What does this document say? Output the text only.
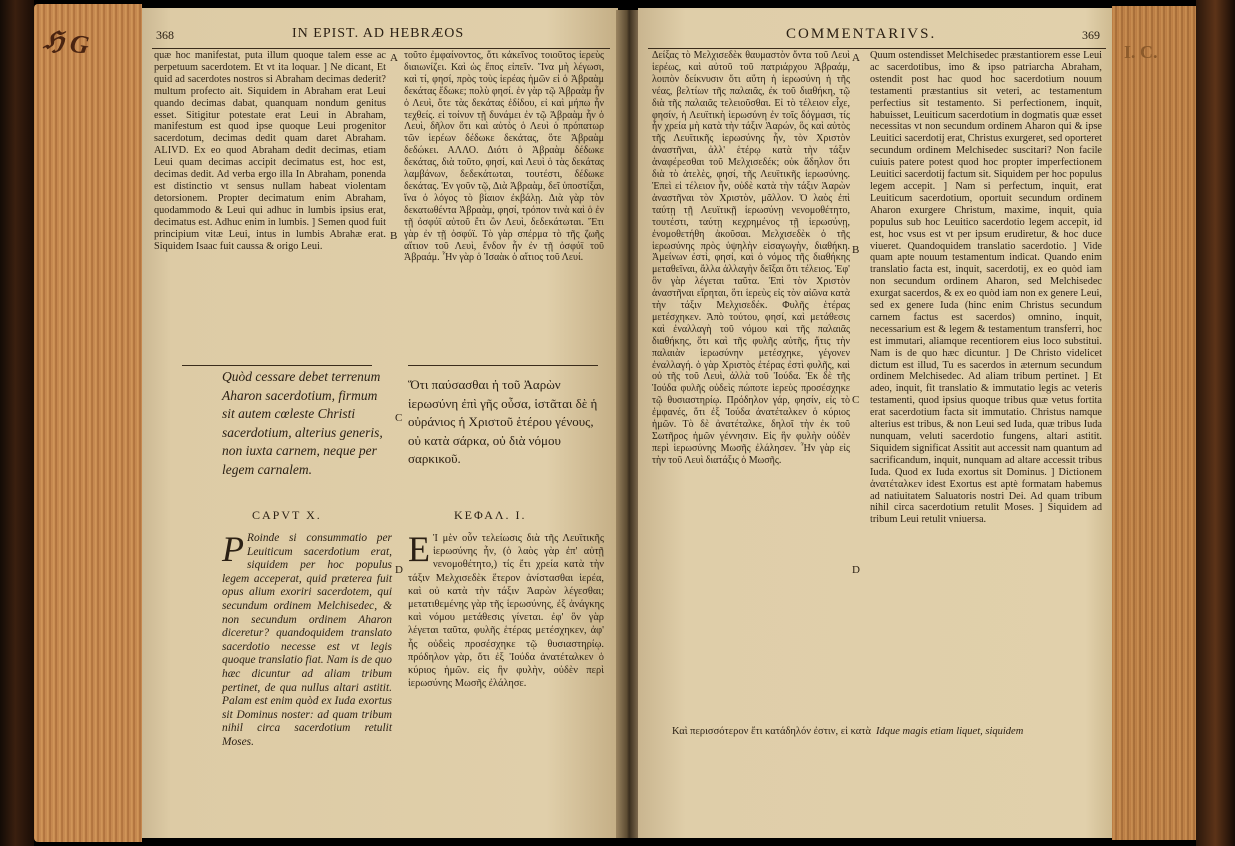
ℌ G	368	IN EPIST. AD HEBRÆOS
quæ hoc manifestat, puta illum quoque talem esse ac perpetuum sacerdotem. Et vt ita loquar. ] Ne dicant, Et quid ad sacerdotes nostros si Abraham decimas dederit? multum profecto ait. Siquidem in Abraham erat Leui quando decimas dabat, quanquam nondum genitus esset. Sitigitur potestate erat Leui in Abraham, manifestum est quod ipse quoque Leui progenitor sacerdotum, decimas dedit quam daret Abraham. ALIVD. Ex eo quod Abraham dedit decimas, etiam Leui quam decimas accipit decimatus est, hoc est, decimas dedit. Ad verba ergo illa In Abraham, ponenda est distinctio vt sensus nullam habeat violentam detorsionem. Propter decimatum enim Abraham, quodammodo & Leui qui adhuc in lumbis ipsius erat, decimatus est. Adhuc enim in lumbis. ] Semen quod fuit principium vitæ Leui, intus in lumbis Abrahæ erat. Siquidem Isaac fuit caussa & origo Leui.
A
B
τοῦτο ἐμφαίνοντος, ὅτι κἀκεῖνος τοιοῦτος ἱερεὺς διαιωνίζει. Καὶ ὡς ἔπος εἰπεῖν. Ἵνα μὴ λέγωσι, καὶ τί, φησί, πρὸς τοὺς ἱερέας ἡμῶν εἰ ὁ Ἀβραὰμ δεκάτας ἔδωκε; πολὺ φησί. ἐν γὰρ τῷ Ἀβραὰμ ἦν ὁ Λευὶ, ὅτε τὰς δεκάτας ἐδίδου, εἰ καὶ μήπω ἦν τεχθείς. εἰ τοίνυν τῇ δυνάμει ἐν τῷ Ἀβραὰμ ἦν ὁ Λευὶ, δῆλον ὅτι καὶ αὐτὸς ὁ Λευὶ ὁ πρόπατωρ τῶν ἱερέων δέδωκε δεκάτας, ὅτε Ἀβραὰμ δεδώκει. ΑΛΛΟ. Διότι ὁ Ἀβραὰμ δέδωκε δεκάτας, διὰ τοῦτο, φησί, καὶ Λευὶ ὁ τὰς δεκάτας λαμβάνων, δεδεκάτωται, τουτέστι, δέδωκε δεκάτας. Ἐν γοῦν τῷ, Διὰ Ἀβραὰμ, δεῖ ὑποστίξαι, ἵνα ὁ λόγος τὸ βίαιον ἐκβάλῃ. Διὰ γὰρ τὸν δεκατωθέντα Ἀβραὰμ, φησί, τρόπον τινὰ καὶ ὁ ἐν τῇ ὀσφύϊ αὐτοῦ ἔτι ὢν Λευὶ, δεδεκάτωται. Ἔτι γὰρ ἐν τῇ ὀσφύϊ. Τὸ γὰρ σπέρμα τὸ τῆς ζωῆς αἴτιον τοῦ Λευὶ, ἔνδον ἦν ἐν τῇ ὀσφύϊ τοῦ Ἀβραάμ. Ἦν γὰρ ὁ Ἰσαὰκ ὁ αἴτιος τοῦ Λευί.
Quòd cessare debet terrenum Aharon sacerdotium, firmum sit autem cœleste Christi sacerdotium, alterius generis, non iuxta carnem, neque per legem carnalem.
C
Ὅτι παύσασθαι ἡ τοῦ Ἀαρὼν ἱερωσύνη ἐπὶ γῆς οὖσα, ἱστᾶται δὲ ἡ οὐράνιος ἡ Χριστοῦ ἑτέρου γένους, οὐ κατὰ σάρκα, οὐ διὰ νόμου σαρκικοῦ.
CAPVT X.	ΚΕΦΑΛ. Ι.
P Roinde si consummatio per Leuiticum sacerdotium erat, siquidem per hoc populus legem acceperat, quid præterea fuit opus alium exoriri sacerdotem, qui secundum ordinem Melchisedec, & non secundum ordinem Aharon diceretur? quandoquidem translato sacerdotio necesse est vt legis quoque translatio fiat. Nam is de quo hæc dicuntur ad aliam tribum pertinet, de qua nullus altari astitit. Palam est enim quòd ex Iuda exortus sit Dominus noster: ad quam tribum nihil circa sacerdotium retulit Moses.
D
Ε Ἰ μὲν οὖν τελείωσις διὰ τῆς Λευϊτικῆς ἱερωσύνης ἦν, (ὁ λαὸς γὰρ ἐπ' αὐτῇ νενομοθέτητο,) τίς ἔτι χρεία κατὰ τὴν τάξιν Μελχισεδὲκ ἕτερον ἀνίστασθαι ἱερέα, καὶ οὐ κατὰ τὴν τάξιν Ἀαρὼν λέγεσθαι; μετατιθεμένης γὰρ τῆς ἱερωσύνης, ἐξ ἀνάγκης καὶ νόμου μετάθεσις γίνεται. ἐφ' ὃν γὰρ λέγεται ταῦτα, φυλῆς ἑτέρας μετέσχηκεν, ἀφ' ἧς οὐδεὶς προσέσχηκε τῷ θυσιαστηρίῳ. πρόδηλον γὰρ, ὅτι ἐξ Ἰούδα ἀνατέταλκεν ὁ κύριος ἡμῶν. εἰς ἣν φυλὴν, οὐδὲν περὶ ἱερωσύνης Μωσῆς ἐλάλησε.
COMMENTARIVS.	369
Δείξας τὸ Μελχισεδὲκ θαυμαστὸν ὄντα τοῦ Λευὶ ἱερέως, καὶ αὐτοῦ τοῦ πατριάρχου Ἀβραάμ, λοιπὸν δείκνυσιν ὅτι αὕτη ἡ ἱερωσύνη ἡ τῆς νέας, βελτίων τῆς παλαιᾶς, ἐκ τοῦ διαθήκη, τῷ διὰ τῆς παλαιᾶς τελειοῦσθαι. Εἰ τὸ τέλειον εἶχε, φησίν, ἡ Λευϊτικὴ ἱερωσύνη ἐν τοῖς δόγμασι, τίς ἦν χρεία μὴ κατὰ τὴν τάξιν Ἀαρών, ὃς καὶ αὐτὸς τῆς Λευϊτικῆς ἱερωσύνης ἦν, τὸν Χριστὸν ἀναστῆναι, ἀλλ' ἑτέρῳ κατὰ τὴν τάξιν ἀναφέρεσθαι τοῦ Μελχισεδέκ; οὐκ ἄδηλον ὅτι διὰ τὸ ἀτελὲς, φησί, τῆς Λευϊτικῆς ἱερωσύνης. Ἐπεὶ εἰ τέλειον ἦν, οὐδὲ κατὰ τὴν τάξιν Ἀαρὼν ἀναστῆναι τὸν Χριστὸν, μᾶλλον. Ὁ λαὸς ἐπὶ ταύτῃ τῇ Λευϊτικῇ ἱερωσύνῃ νενομοθέτητο, τουτέστι, ταύτῃ κεχρημένος τῇ ἱερωσύνῃ, ἐνομοθετήθη ἀκοῦσαι. Μελχισεδὲκ ὁ τῆς ἱερωσύνης πρὸς ὑψηλὴν εἰσαγωγὴν, διαθήκη. Ἀμείνων ἐστὶ, φησί, καὶ ὁ νόμος τῆς διαθήκης μεταθεῖναι, ἄλλα ἀλλαγὴν δεῖξαι ὅτι τέλειος. Ἐφ' ὃν γὰρ λέγεται ταῦτα. Ἐπὶ τὸν Χριστὸν ἀναστῆναι εἴρηται, ὅτι ἱερεὺς εἰς τὸν αἰῶνα κατὰ τὴν τάξιν Μελχισεδέκ. Φυλῆς ἑτέρας μετέσχηκεν. Ἀπὸ τούτου, φησί, καὶ μετάθεσις καὶ ἐναλλαγὴ τοῦ νόμου καὶ τῆς παλαιᾶς διαθήκης, ὅτι καὶ τῆς φυλῆς αὐτῆς, ἥτις τὴν παλαιὰν ἱερωσύνην μετέσχηκε, γέγονεν ἐναλλαγή. ὁ γὰρ Χριστὸς ἑτέρας ἐστὶ φυλῆς, καὶ οὐ τῆς τοῦ Λευὶ, ἀλλὰ τοῦ Ἰούδα. Ἐκ δὲ τῆς Ἰούδα φυλῆς οὐδεὶς πώποτε ἱερεὺς προσέσχηκε τῷ θυσιαστηρίῳ. Πρόδηλον γάρ, φησίν, εἰς τὸ ἐμφανές, ὅτι ἐξ Ἰούδα ἀνατέταλκεν ὁ κύριος ἡμῶν. Τὸ δὲ ἀνατέταλκε, δηλοῖ τὴν ἐκ τοῦ Σωτῆρος ἡμῶν γέννησιν. Εἰς ἣν φυλὴν οὐδὲν περὶ ἱερωσύνης Μωσῆς ἐλάλησεν. Ἦν γὰρ εἰς τὴν τοῦ Λευὶ διατάξις ὁ Μωσῆς.
A
B
C
D
Quum ostendisset Melchisedec præstantiorem esse Leui ac sacerdotibus, imo & ipso patriarcha Abraham, ostendit post hac quod hoc sacerdotium nouum testamenti præstantius sit veteri, ac testamentum perfectius sit testamento. Si perfectionem, inquit, habuisset, Leuiticum sacerdotium in dogmatis quæ esset necessitas vt non secundum ordinem Aharon qui & ipse Leuitici sacerdotij erat, Christus exurgeret, sed oporteret secundum ordinem Melchisedec suscitari? Non facile cuiuis patere potest quod hoc propter imperfectionem Leuitici sacerdotij factum sit. Siquidem per hoc populus legem accepit. ] Nam si perfectum, inquit, erat Leuiticum sacerdotium, oportuit secundum ordinem Aharon exurgere Christum, maxime, inquit, quia populus sub hoc Leuitico sacerdotio legem accepit, id est, hoc vsus est vt per ipsum erudiretur, & hoc duce viueret. Quandoquidem translatio sacerdotio. ] Vide quam apte nouum testamentum indicat. Quando enim translatio facta est, inquit, sacerdotij, ex eo quòd iam non secundum ordinem Aharon, sed Melchisedec exurgat sacerdos, & ex eo quòd iam non ex genere Leui, sed ex genere Iuda (hinc enim Christus secundum carnem factus est sacerdos) omnino, inquit, necessarium est & legem & testamentum transferri, hoc est immutari, aliamque recentiorem eius loco substitui. Nam is de quo hæc dicuntur. ] De Christo videlicet dictum est illud, Tu es sacerdos in æternum secundum ordinem Melchisedec. Ad aliam tribum pertinet. ] Et adeo, inquit, fit translatio & immutatio legis ac veteris testamenti, quod ipsius quoque tribus quæ vetus fortita erat sacerdotium facta sit immutatio. Christus namque alterius est tribus, & non Leui sed Iuda, quæ tribus Iuda nunquam, veluti sacerdotio fungens, altari astitit. Siquidem significat Assitit aut accessit nam quantum ad sacrificandum, inquit, nunquam ad altare accessit tribus Iuda. Quod ex Iuda exortus sit Dominus. ] Dictionem ἀνατέταλκεν idest Exortus est aptè formatam habemus ad natiuitatem Saluatoris nostri Dei. Ad quam tribum nihil circa sacerdotium retulit Moses. ] Siquidem ad tribum Leui retulit vniuersa.
Καὶ περισσότερον ἔτι κατάδηλόν ἐστιν, εἰ κατὰ Idque magis etiam liquet, siquidem
I. C.
